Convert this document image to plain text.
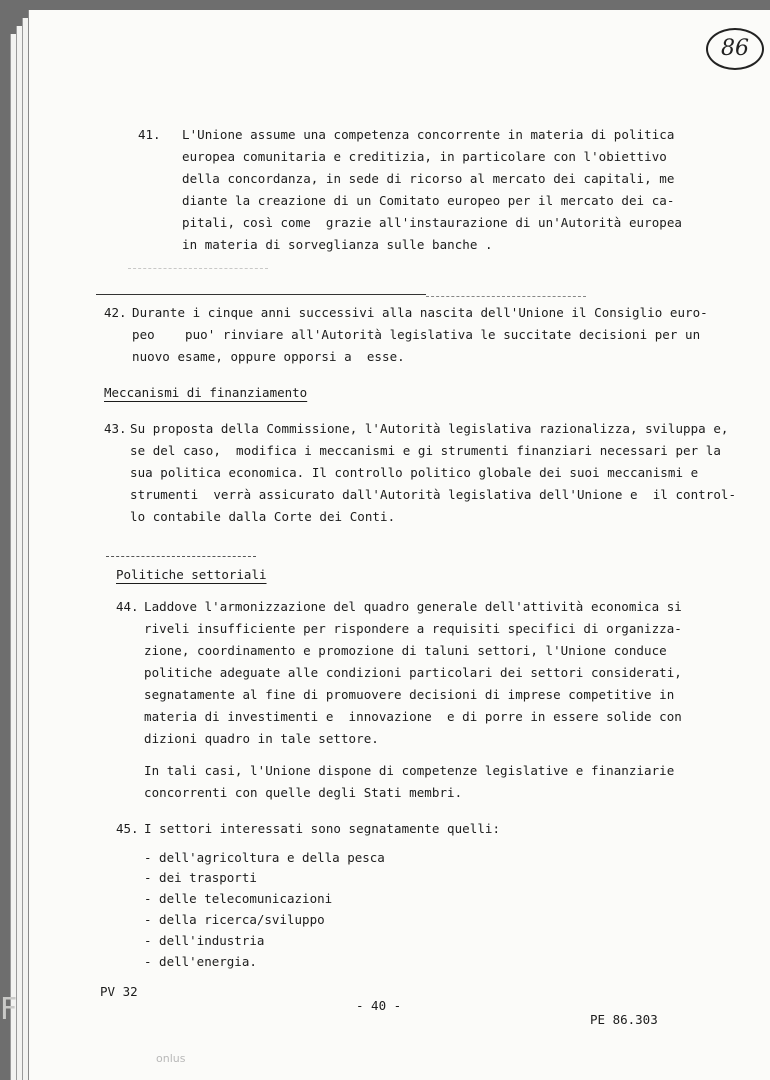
86
41. L'Unione assume una competenza concorrente in materia di politica
europea comunitaria e creditizia, in particolare con l'obiettivo
della concordanza, in sede di ricorso al mercato dei capitali, me
diante la creazione di un Comitato europeo per il mercato dei ca-
pitali, così come  grazie all'instaurazione di un'Autorità europea
in materia di sorveglianza sulle banche .
42. Durante i cinque anni successivi alla nascita dell'Unione il Consiglio euro-
peo    puo' rinviare all'Autorità legislativa le succitate decisioni per un
nuovo esame, oppure opporsi a  esse.
Meccanismi di finanziamento
43. Su proposta della Commissione, l'Autorità legislativa razionalizza, sviluppa e,
se del caso,  modifica i meccanismi e gi strumenti finanziari necessari per la
sua politica economica. Il controllo politico globale dei suoi meccanismi e
strumenti  verrà assicurato dall'Autorità legislativa dell'Unione e  il control-
lo contabile dalla Corte dei Conti.
Politiche settoriali
44. Laddove l'armonizzazione del quadro generale dell'attività economica si
riveli insufficiente per rispondere a requisiti specifici di organizza-
zione, coordinamento e promozione di taluni settori, l'Unione conduce
politiche adeguate alle condizioni particolari dei settori considerati,
segnatamente al fine di promuovere decisioni di imprese competitive in
materia di investimenti e  innovazione  e di porre in essere solide con
dizioni quadro in tale settore.
In tali casi, l'Unione dispone di competenze legislative e finanziarie
concorrenti con quelle degli Stati membri.
45. I settori interessati sono segnatamente quelli:
- dell'agricoltura e della pesca
- dei trasporti
- delle telecomunicazioni
- della ricerca/sviluppo
- dell'industria
- dell'energia.
PV 32
- 40 -
PE 86.303
F
onlus
